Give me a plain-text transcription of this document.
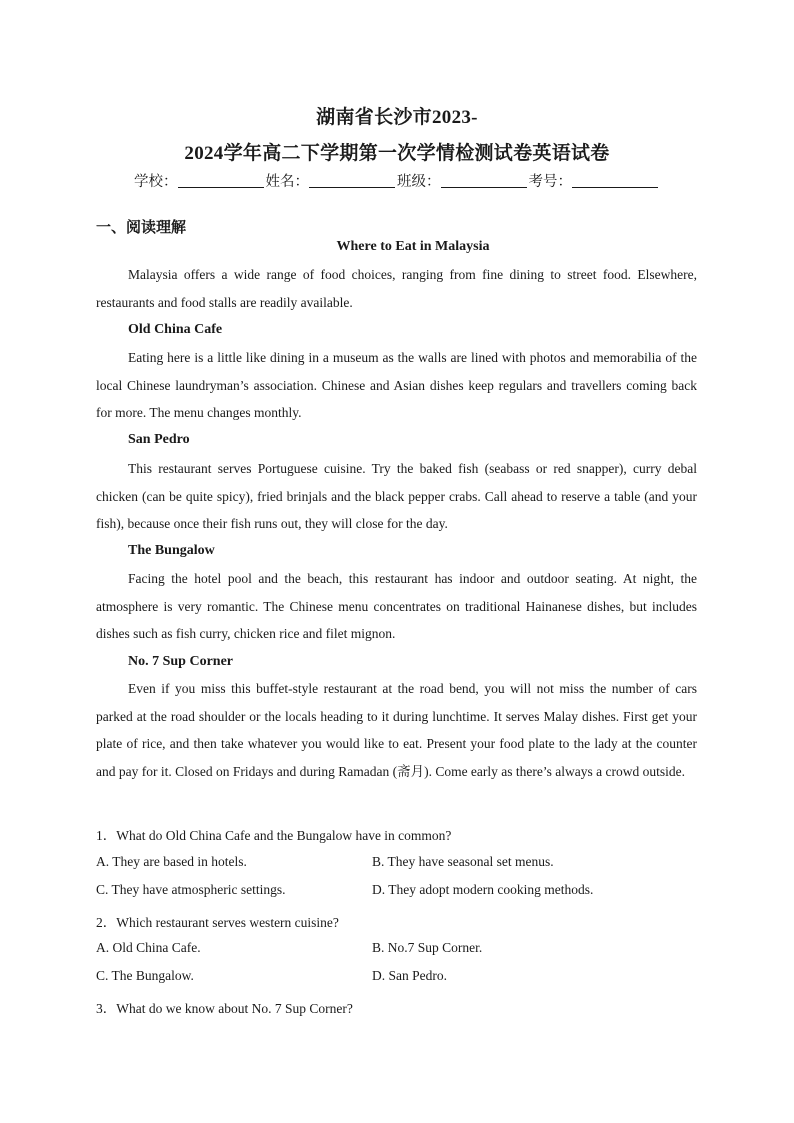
湖南省长沙市2023-
2024学年高二下学期第一次学情检测试卷英语试卷
学校：	姓名：	班级：	考号：
一、阅读理解
Where to Eat in Malaysia

Malaysia offers a wide range of food choices, ranging from fine dining to street food. Elsewhere, restaurants and food stalls are readily available.

Old China Cafe

Eating here is a little like dining in a museum as the walls are lined with photos and memorabilia of the local Chinese laundryman’s association. Chinese and Asian dishes keep regulars and travellers coming back for more. The menu changes monthly.

San Pedro

This restaurant serves Portuguese cuisine. Try the baked fish (seabass or red snapper), curry debal chicken (can be quite spicy), fried brinjals and the black pepper crabs. Call ahead to reserve a table (and your fish), because once their fish runs out, they will close for the day.

The Bungalow

Facing the hotel pool and the beach, this restaurant has indoor and outdoor seating. At night, the atmosphere is very romantic. The Chinese menu concentrates on traditional Hainanese dishes, but includes dishes such as fish curry, chicken rice and filet mignon.

No. 7 Sup Corner

Even if you miss this buffet-style restaurant at the road bend, you will not miss the number of cars parked at the road shoulder or the locals heading to it during lunchtime. It serves Malay dishes. First get your plate of rice, and then take whatever you would like to eat. Present your food plate to the lady at the counter and pay for it. Closed on Fridays and during Ramadan (斋月). Come early as there’s always a crowd outside.

1．What do Old China Cafe and the Bungalow have in common?
A. They are based in hotels.	B. They have seasonal set menus.
C. They have atmospheric settings.	D. They adopt modern cooking methods.
2．Which restaurant serves western cuisine?
A. Old China Cafe.	B. No.7 Sup Corner.
C. The Bungalow.	D. San Pedro.
3．What do we know about No. 7 Sup Corner?
